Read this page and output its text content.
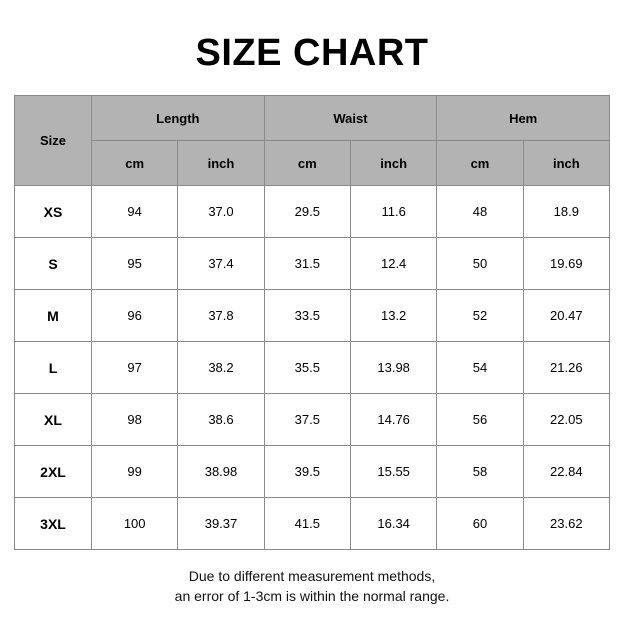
SIZE CHART
Size	Length		Waist		Hem	
	cm	inch	cm	inch	cm	inch
XS	94	37.0	29.5	11.6	48	18.9
S	95	37.4	31.5	12.4	50	19.69
M	96	37.8	33.5	13.2	52	20.47
L	97	38.2	35.5	13.98	54	21.26
XL	98	38.6	37.5	14.76	56	22.05
2XL	99	38.98	39.5	15.55	58	22.84
3XL	100	39.37	41.5	16.34	60	23.62
Due to different measurement methods,
an error of 1-3cm is within the normal range.
